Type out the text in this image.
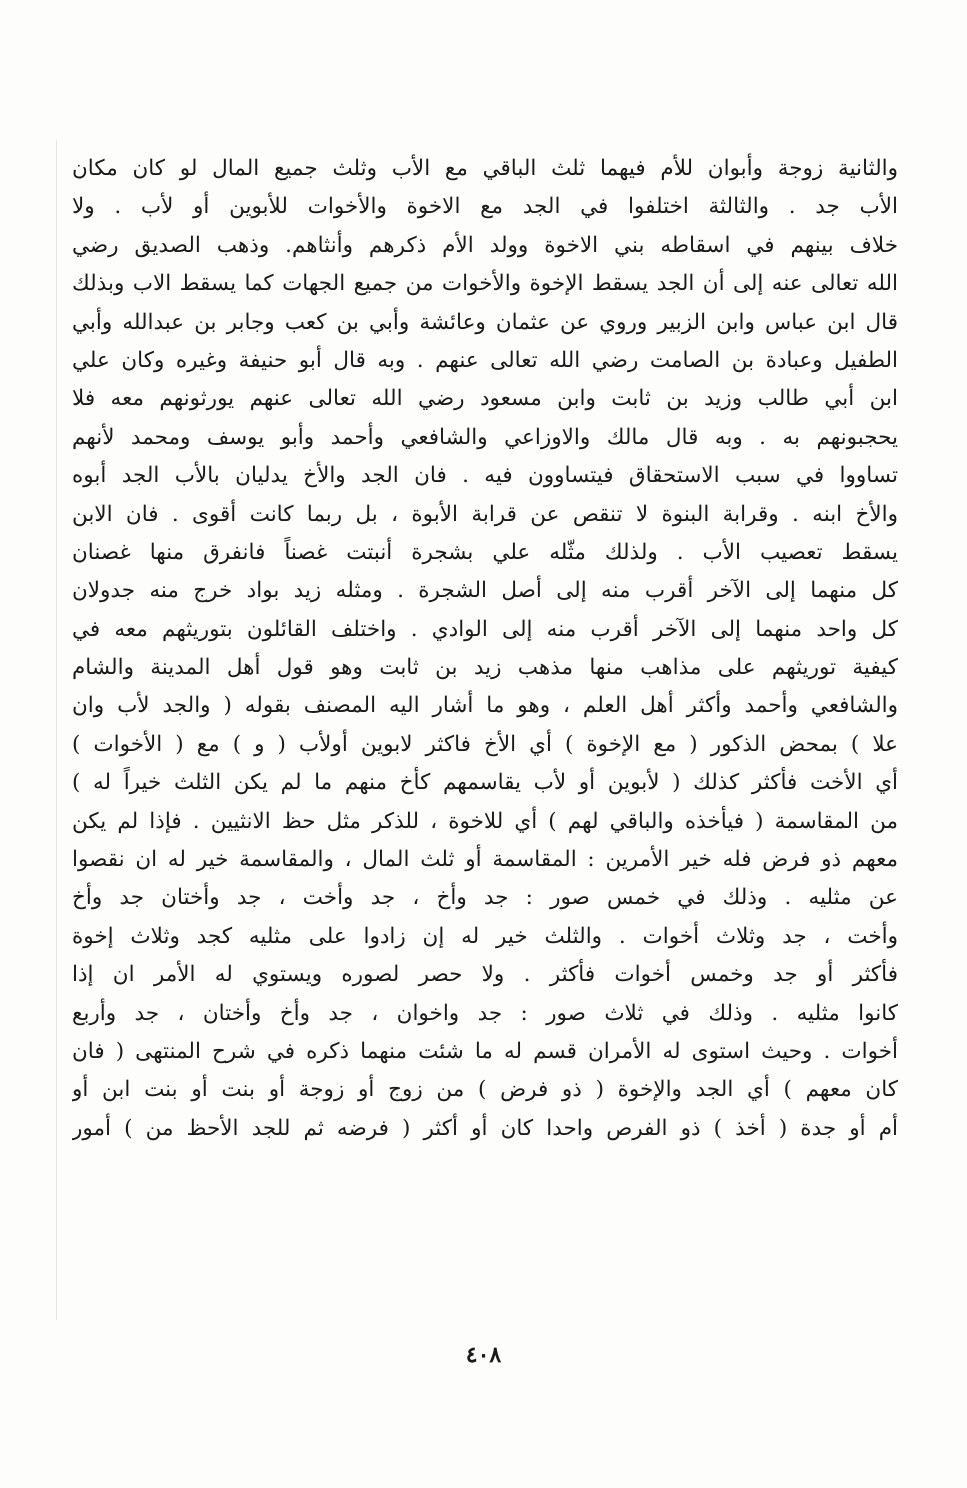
والثانية زوجة وأبوان للأم فيهما ثلث الباقي مع الأب وثلث جميع المال لو كان مكان
الأب جد . والثالثة اختلفوا في الجد مع الاخوة والأخوات للأبوين أو لأب . ولا
خلاف بينهم في اسقاطه بني الاخوة وولد الأم ذكرهم وأنثاهم. وذهب الصديق رضي
الله تعالى عنه إلى أن الجد يسقط الإخوة والأخوات من جميع الجهات كما يسقط الاب وبذلك
قال ابن عباس وابن الزبير وروي عن عثمان وعائشة وأبي بن كعب وجابر بن عبدالله وأبي
الطفيل وعبادة بن الصامت رضي الله تعالى عنهم . وبه قال أبو حنيفة وغيره وكان علي
ابن أبي طالب وزيد بن ثابت وابن مسعود رضي الله تعالى عنهم يورثونهم معه فلا
يحجبونهم به . وبه قال مالك والاوزاعي والشافعي وأحمد وأبو يوسف ومحمد لأنهم
تساووا في سبب الاستحقاق فيتساوون فيه . فان الجد والأخ يدليان بالأب الجد أبوه
والأخ ابنه . وقرابة البنوة لا تنقص عن قرابة الأبوة ، بل ربما كانت أقوى . فان الابن
يسقط تعصيب الأب . ولذلك مثّله علي بشجرة أنبتت غصناً فانفرق منها غصنان
كل منهما إلى الآخر أقرب منه إلى أصل الشجرة . ومثله زيد بواد خرج منه جدولان
كل واحد منهما إلى الآخر أقرب منه إلى الوادي . واختلف القائلون بتوريثهم معه في
كيفية توريثهم على مذاهب منها مذهب زيد بن ثابت وهو قول أهل المدينة والشام
والشافعي وأحمد وأكثر أهل العلم ، وهو ما أشار اليه المصنف بقوله ( والجد لأب وان
علا ) بمحض الذكور ( مع الإخوة ) أي الأخ فاكثر لابوين أولأب ( و ) مع ( الأخوات )
أي الأخت فأكثر كذلك ( لأبوين أو لأب يقاسمهم كأخ منهم ما لم يكن الثلث خيراً له )
من المقاسمة ( فيأخذه والباقي لهم ) أي للاخوة ، للذكر مثل حظ الانثيين . فإذا لم يكن
معهم ذو فرض فله خير الأمرين : المقاسمة أو ثلث المال ، والمقاسمة خير له ان نقصوا
عن مثليه . وذلك في خمس صور : جد وأخ ، جد وأخت ، جد وأختان جد وأخ
وأخت ، جد وثلاث أخوات . والثلث خير له إن زادوا على مثليه كجد وثلاث إخوة
فأكثر أو جد وخمس أخوات فأكثر . ولا حصر لصوره ويستوي له الأمر ان إذا
كانوا مثليه . وذلك في ثلاث صور : جد واخوان ، جد وأخ وأختان ، جد وأربع
أخوات . وحيث استوى له الأمران قسم له ما شئت منهما ذكره في شرح المنتهى ( فان
كان معهم ) أي الجد والإخوة ( ذو فرض ) من زوج أو زوجة أو بنت أو بنت ابن أو
أم أو جدة ( أخذ ) ذو الفرص واحدا كان أو أكثر ( فرضه ثم للجد الأحظ من ) أمور
٤٠٨
